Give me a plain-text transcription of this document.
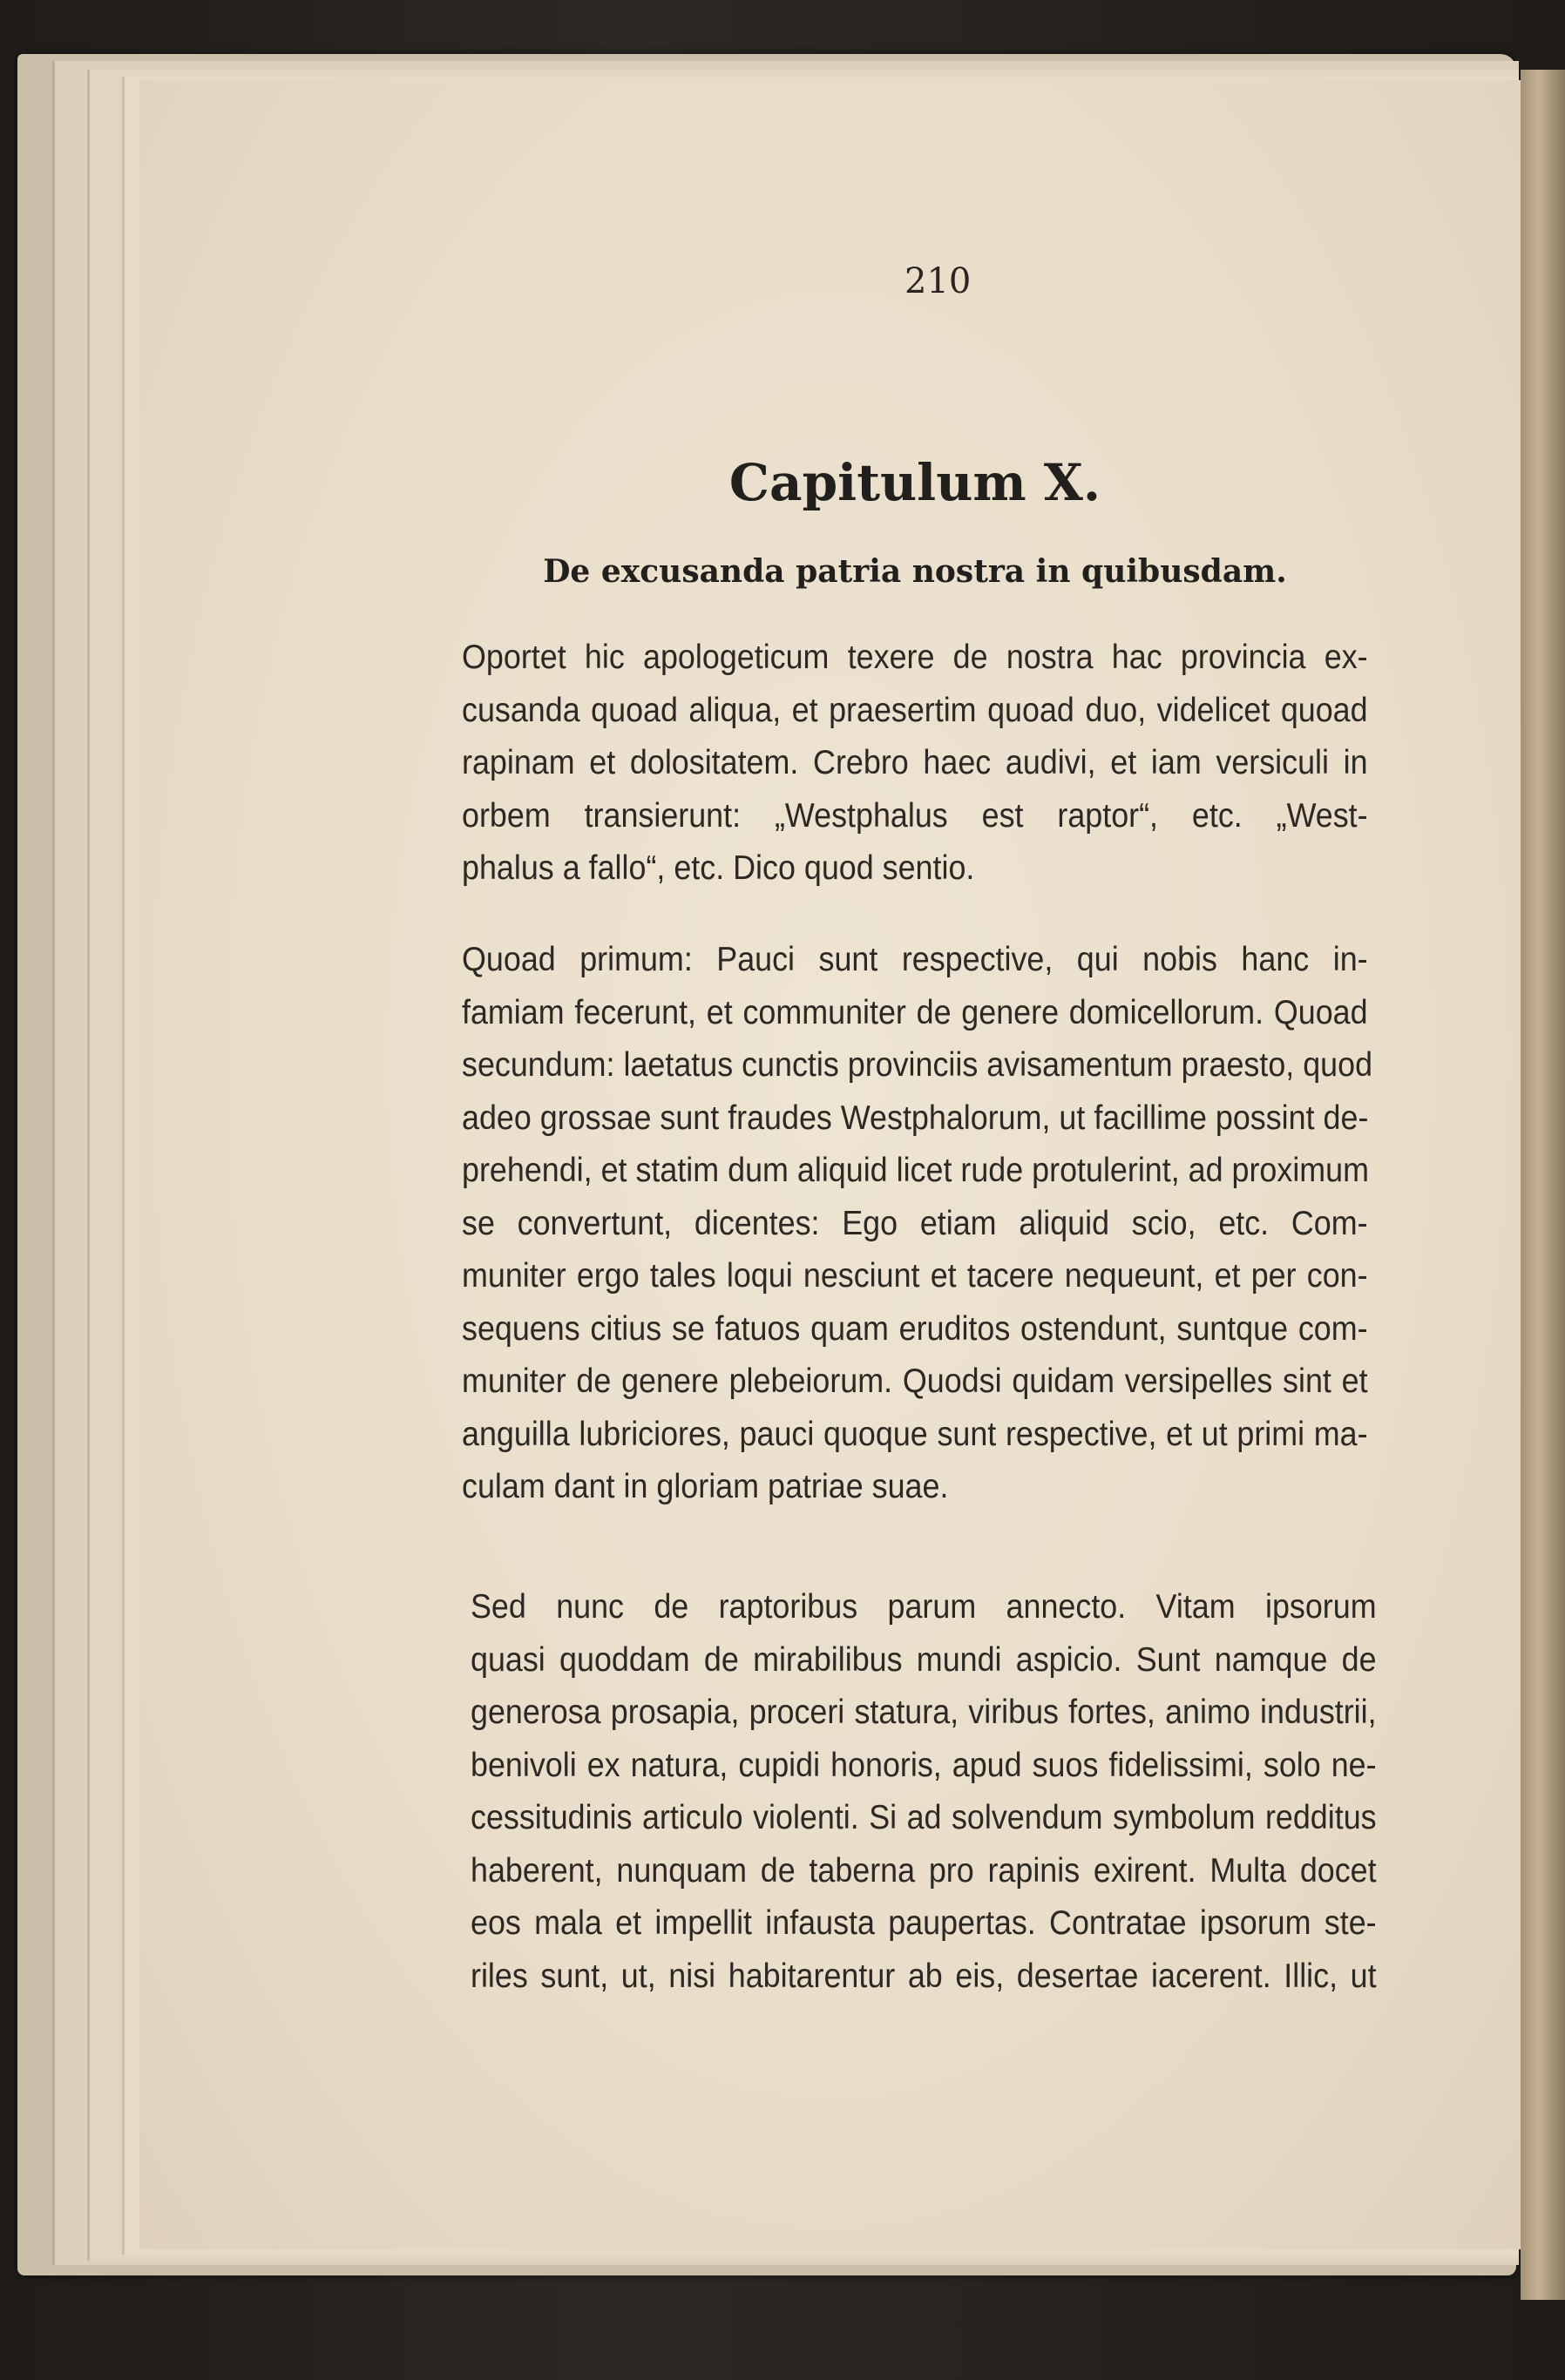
210
Capitulum X.
De excusanda patria nostra in quibusdam.
Oportet hic apologeticum texere de nostra hac provincia ex-
cusanda quoad aliqua, et praesertim quoad duo, videlicet quoad
rapinam et dolositatem. Crebro haec audivi, et iam versiculi in
orbem transierunt: „Westphalus est raptor“, etc. „West-
phalus a fallo“, etc. Dico quod sentio.
Quoad primum: Pauci sunt respective, qui nobis hanc in-
famiam fecerunt, et communiter de genere domicellorum. Quoad
secundum: laetatus cunctis provinciis avisamentum praesto, quod
adeo grossae sunt fraudes Westphalorum, ut facillime possint de-
prehendi, et statim dum aliquid licet rude protulerint, ad proximum
se convertunt, dicentes: Ego etiam aliquid scio, etc. Com-
muniter ergo tales loqui nesciunt et tacere nequeunt, et per con-
sequens citius se fatuos quam eruditos ostendunt, suntque com-
muniter de genere plebeiorum. Quodsi quidam versipelles sint et
anguilla lubriciores, pauci quoque sunt respective, et ut primi ma-
culam dant in gloriam patriae suae.
Sed nunc de raptoribus parum annecto. Vitam ipsorum
quasi quoddam de mirabilibus mundi aspicio. Sunt namque de
generosa prosapia, proceri statura, viribus fortes, animo industrii,
benivoli ex natura, cupidi honoris, apud suos fidelissimi, solo ne-
cessitudinis articulo violenti. Si ad solvendum symbolum redditus
haberent, nunquam de taberna pro rapinis exirent. Multa docet
eos mala et impellit infausta paupertas. Contratae ipsorum ste-
riles sunt, ut, nisi habitarentur ab eis, desertae iacerent. Illic, ut
